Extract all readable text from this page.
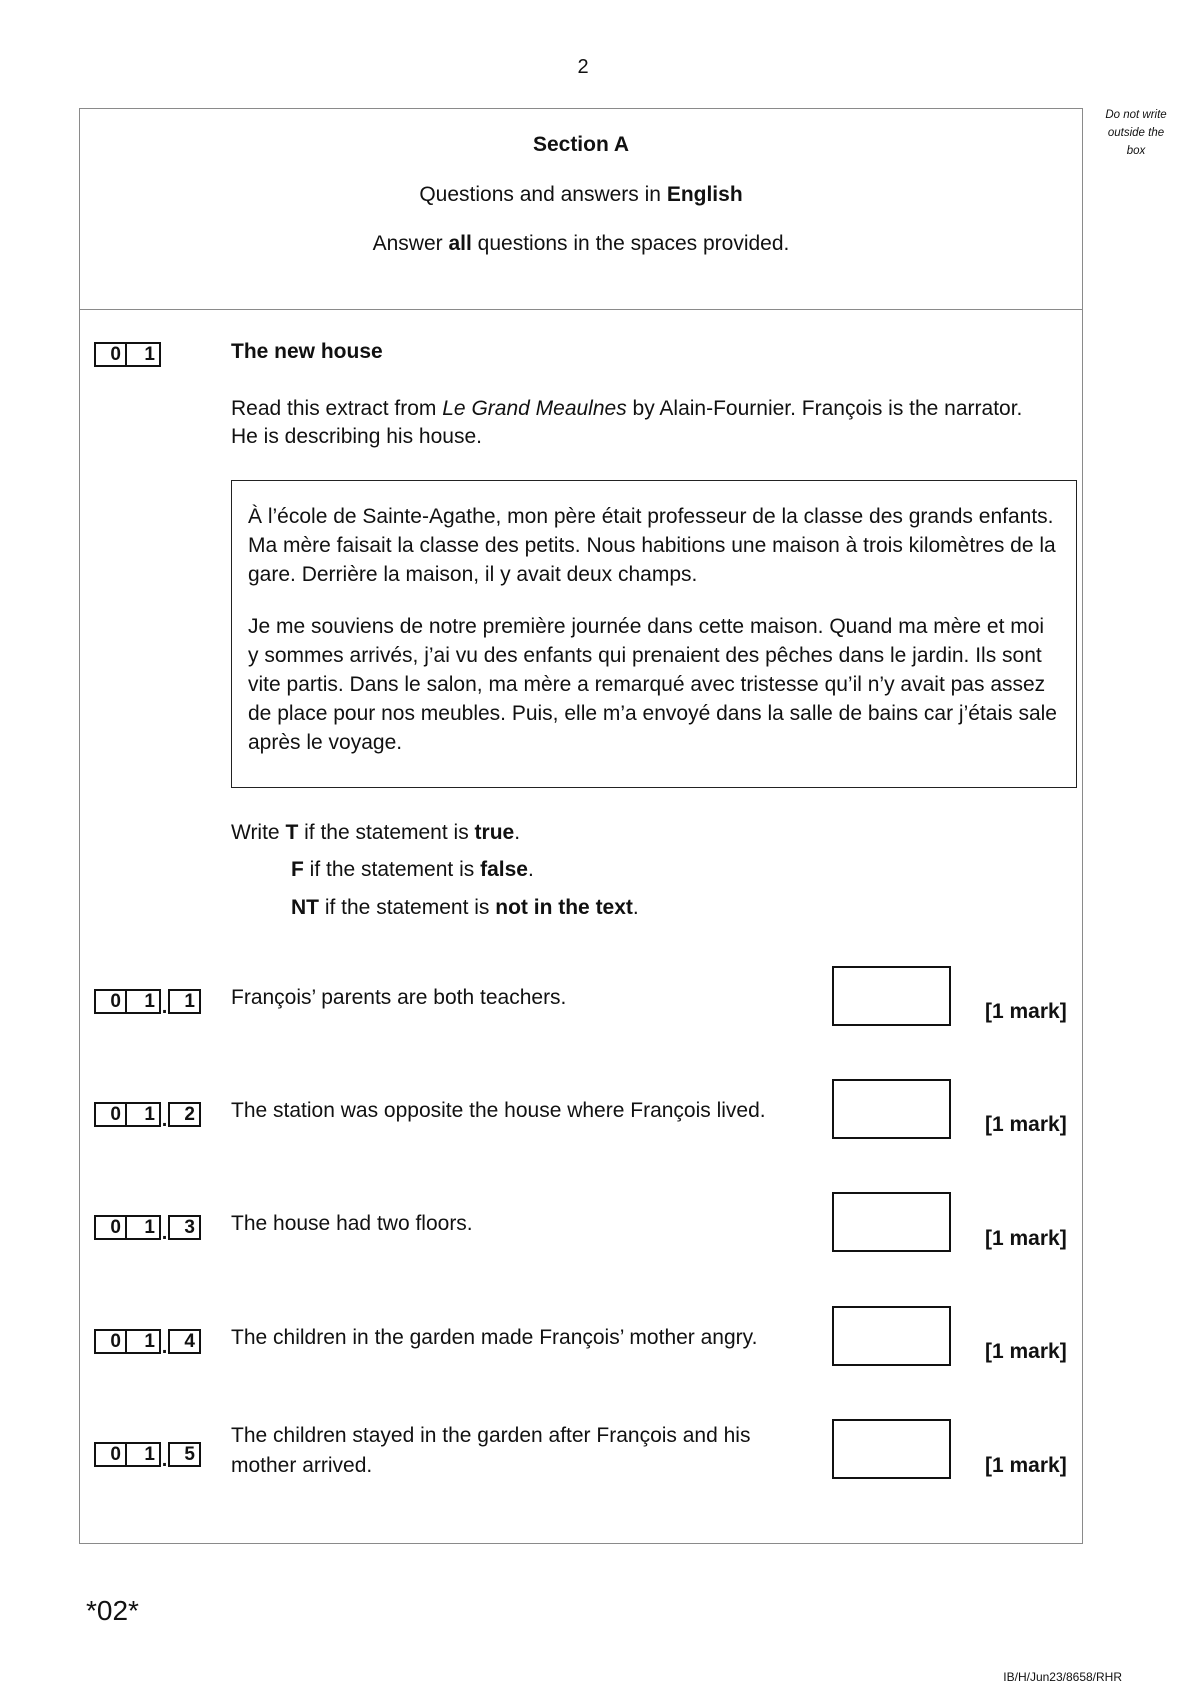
2
Do not write
outside the
box
Section A
Questions and answers in English
Answer all questions in the spaces provided.
0	1	The new house
Read this extract from Le Grand Meaulnes by Alain-Fournier. François is the narrator.
He is describing his house.

À l’école de Sainte-Agathe, mon père était professeur de la classe des grands enfants. Ma mère faisait la classe des petits. Nous habitions une maison à trois kilomètres de la gare. Derrière la maison, il y avait deux champs.

Je me souviens de notre première journée dans cette maison. Quand ma mère et moi y sommes arrivés, j’ai vu des enfants qui prenaient des pêches dans le jardin. Ils sont vite partis. Dans le salon, ma mère a remarqué avec tristesse qu’il n’y avait pas assez de place pour nos meubles. Puis, elle m’a envoyé dans la salle de bains car j’étais sale après le voyage.

Write T if the statement is true.
F if the statement is false.
NT if the statement is not in the text.
0	1 . 1 François’ parents are both teachers.
[1 mark]
0	1 . 2 The station was opposite the house where François lived.
[1 mark]
0	1 . 3 The house had two floors.
[1 mark]
0	1 . 4 The children in the garden made François’ mother angry.
[1 mark]
0	1 . 5
The children stayed in the garden after François and his mother arrived.	[1 mark]
*02*
IB/H/Jun23/8658/RHR
